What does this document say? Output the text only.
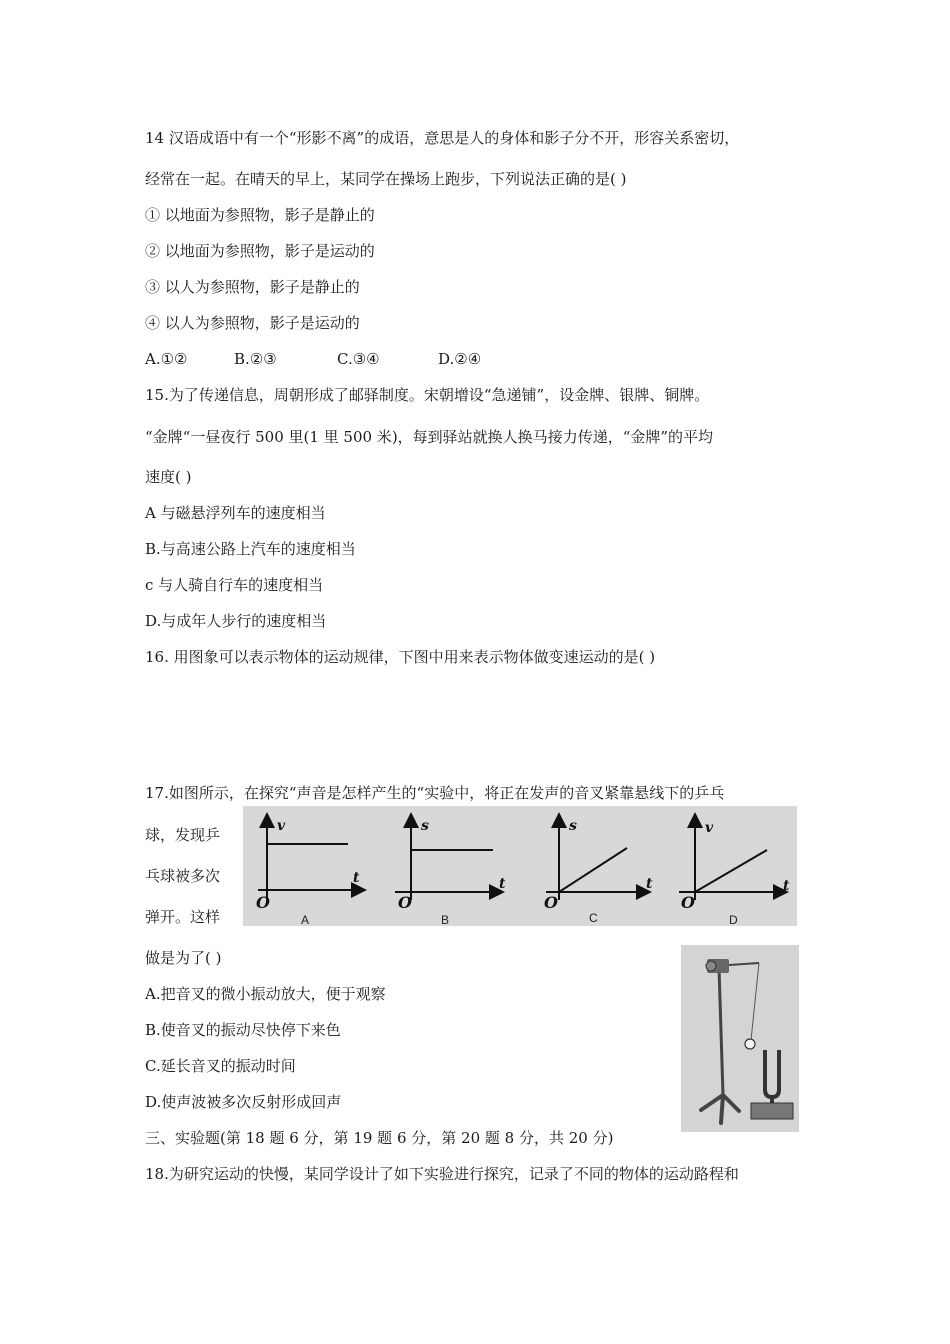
14 汉语成语中有一个“形影不离”的成语，意思是人的身体和影子分不开，形容关系密切，
经常在一起。在晴天的早上，某同学在操场上跑步，下列说法正确的是( )
① 以地面为参照物，影子是静止的
② 以地面为参照物，影子是运动的
③ 以人为参照物，影子是静止的
④ 以人为参照物，影子是运动的
A.①②	B.②③	C.③④	D.②④
15.为了传递信息，周朝形成了邮驿制度。宋朝增设“急递铺”，设金牌、银牌、铜牌。
“金牌“一昼夜行 500 里(1 里 500 米)，每到驿站就换人换马接力传递，“金牌”的平均
速度( )
A 与磁悬浮列车的速度相当
B.与高速公路上汽车的速度相当
c 与人骑自行车的速度相当
D.与成年人步行的速度相当
16. 用图象可以表示物体的运动规律，下图中用来表示物体做变速运动的是( )
17.如图所示，在探究“声音是怎样产生的“实验中，将正在发声的音叉紧靠悬线下的乒乓
球，发现乒
乓球被多次
弹开。这样
做是为了( )
A.把音叉的微小振动放大，便于观察
B.使音叉的振动尽快停下来色
C.延长音叉的振动时间
D.使声波被多次反射形成回声
三、实验题(第 18 题 6 分，第 19 题 6 分，第 20 题 8 分，共 20 分)
18.为研究运动的快慢，某同学设计了如下实验进行探究，记录了不同的物体的运动路程和
v
t
O
A
s
t
O
B
s
t
O
C
v
t
O
D
